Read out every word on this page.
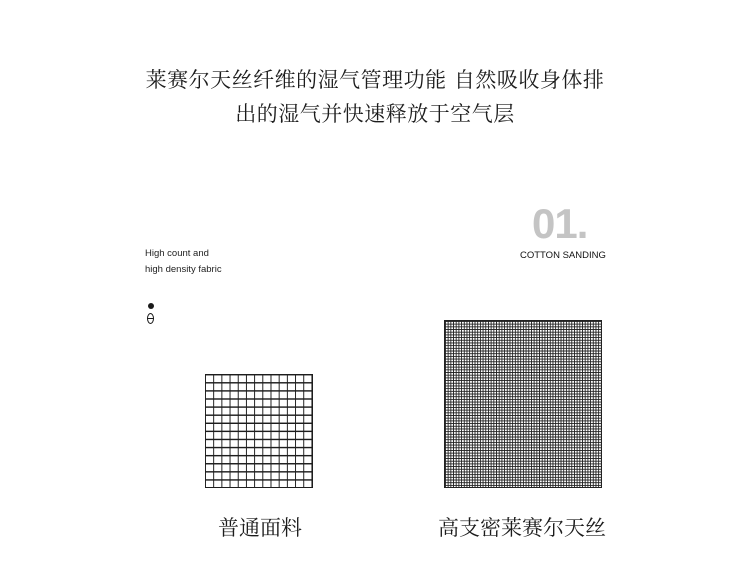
莱赛尔天丝纤维的湿气管理功能 自然吸收身体排
出的湿气并快速释放于空气层
High count and
high density fabric
01.
COTTON SANDING
普通面料	高支密莱赛尔天丝
